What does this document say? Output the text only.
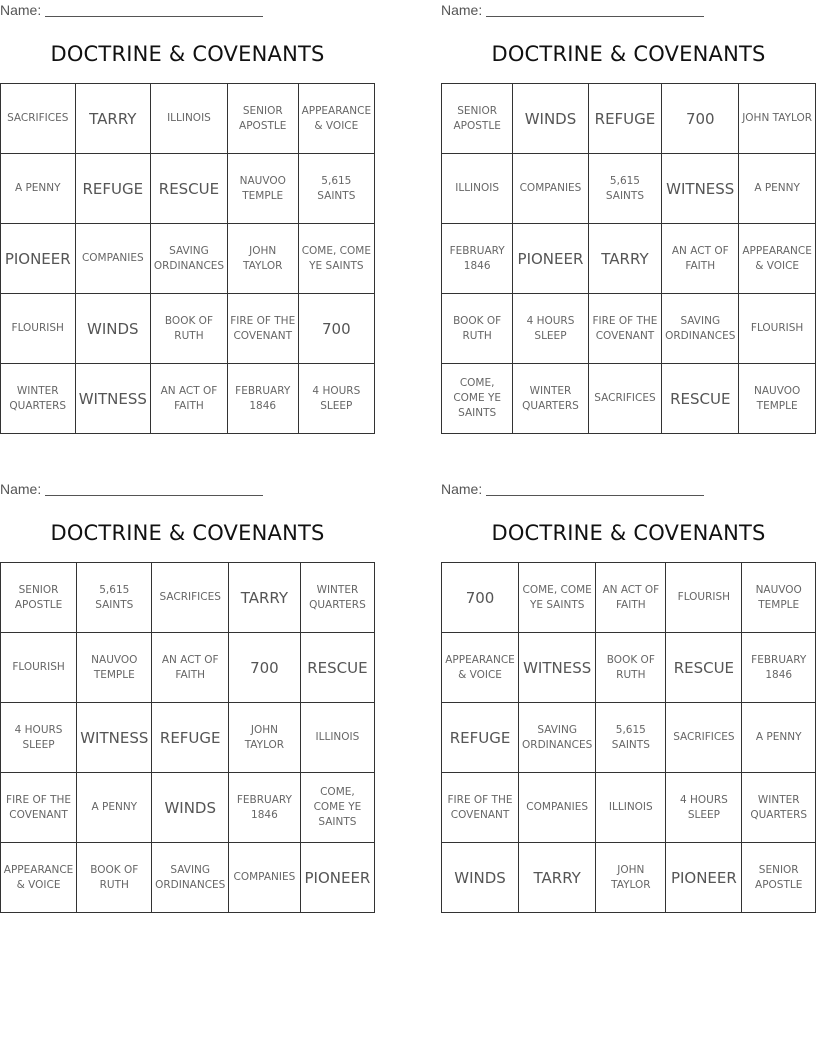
Name:
DOCTRINE & COVENANTS
SACRIFICES	TARRY	ILLINOIS	SENIOR APOSTLE	APPEARANCE & VOICE
A PENNY	REFUGE	RESCUE	NAUVOO TEMPLE	5,615 SAINTS
PIONEER	COMPANIES	SAVING ORDINANCES	JOHN TAYLOR	COME, COME YE SAINTS
FLOURISH	WINDS	BOOK OF RUTH	FIRE OF THE COVENANT	700
WINTER QUARTERS	WITNESS	AN ACT OF FAITH	FEBRUARY 1846	4 HOURS SLEEP
Name:
DOCTRINE & COVENANTS
SENIOR APOSTLE	WINDS	REFUGE	700	JOHN TAYLOR
ILLINOIS	COMPANIES	5,615 SAINTS	WITNESS	A PENNY
FEBRUARY 1846	PIONEER	TARRY	AN ACT OF FAITH	APPEARANCE & VOICE
BOOK OF RUTH	4 HOURS SLEEP	FIRE OF THE COVENANT	SAVING ORDINANCES	FLOURISH
COME, COME YE SAINTS	WINTER QUARTERS	SACRIFICES	RESCUE	NAUVOO TEMPLE
Name:
DOCTRINE & COVENANTS
SENIOR APOSTLE	5,615 SAINTS	SACRIFICES	TARRY	WINTER QUARTERS
FLOURISH	NAUVOO TEMPLE	AN ACT OF FAITH	700	RESCUE
4 HOURS SLEEP	WITNESS	REFUGE	JOHN TAYLOR	ILLINOIS
FIRE OF THE COVENANT	A PENNY	WINDS	FEBRUARY 1846	COME, COME YE SAINTS
APPEARANCE & VOICE	BOOK OF RUTH	SAVING ORDINANCES	COMPANIES	PIONEER
Name:
DOCTRINE & COVENANTS
700	COME, COME YE SAINTS	AN ACT OF FAITH	FLOURISH	NAUVOO TEMPLE
APPEARANCE & VOICE	WITNESS	BOOK OF RUTH	RESCUE	FEBRUARY 1846
REFUGE	SAVING ORDINANCES	5,615 SAINTS	SACRIFICES	A PENNY
FIRE OF THE COVENANT	COMPANIES	ILLINOIS	4 HOURS SLEEP	WINTER QUARTERS
WINDS	TARRY	JOHN TAYLOR	PIONEER	SENIOR APOSTLE
